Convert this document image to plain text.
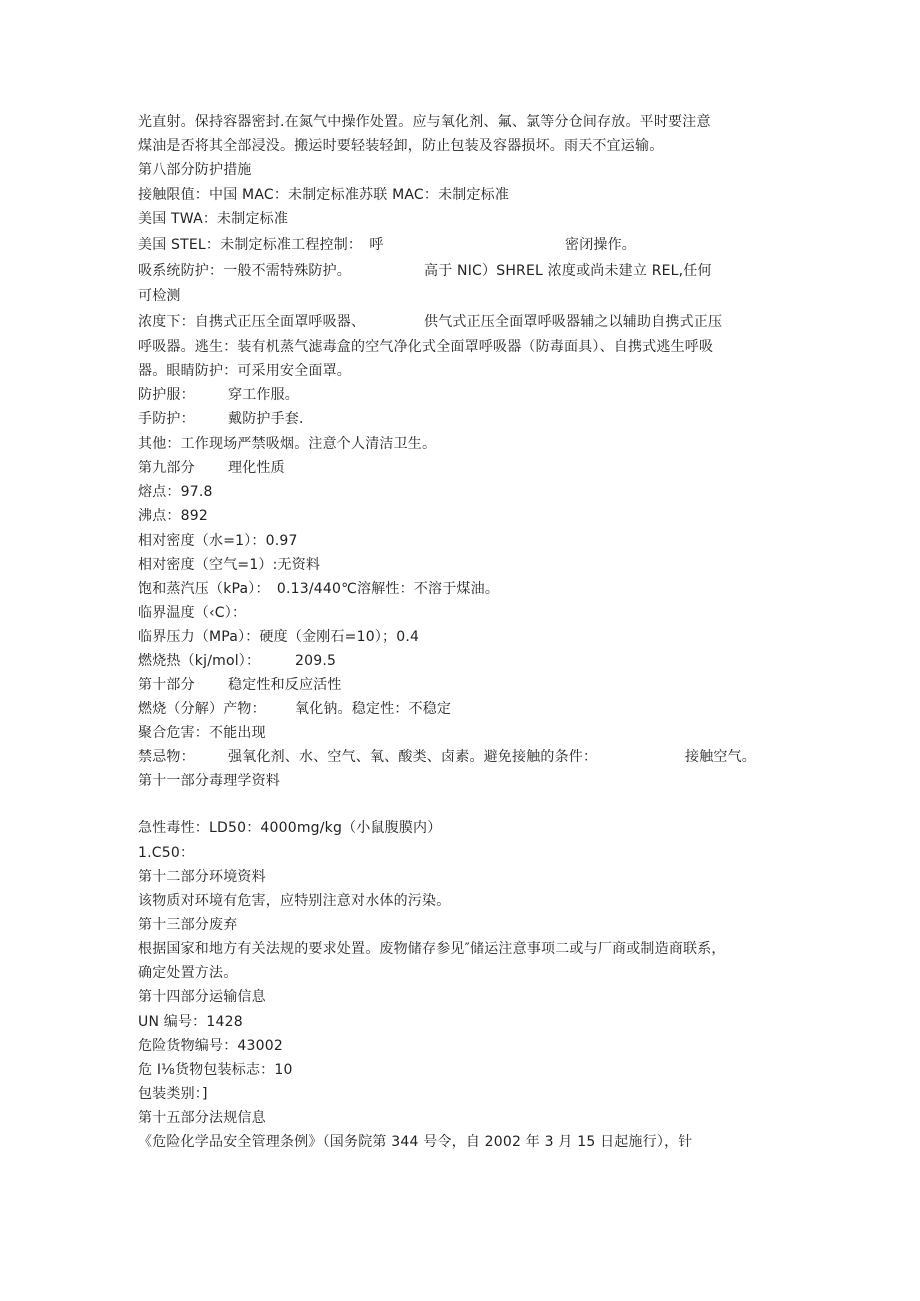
光直射。保持容器密封.在氮气中操作处置。应与氧化剂、氟、氯等分仓间存放。平时要注意
煤油是否将其全部浸没。搬运时要轻装轻卸，防止包装及容器损坏。雨天不宜运输。
第八部分防护措施
接触限值：中国 MAC：未制定标准苏联 MAC：未制定标准
美国 TWA：未制定标准
美国 STEL：未制定标准工程控制：　呼	密闭操作。
吸系统防护：一般不需特殊防护。	高于 NIC）SHREL 浓度或尚未建立 REL,任何
可检测
浓度下：自携式正压全面罩呼吸器、	供气式正压全面罩呼吸器辅之以辅助自携式正压
呼吸器。逃生：装有机蒸气滤毒盒的空气净化式全面罩呼吸器（防毒面具）、自携式逃生呼吸
器。眼睛防护：可采用安全面罩。
防护服： 穿工作服。
手防护： 戴防护手套.
其他：工作现场严禁吸烟。注意个人清洁卫生。
第九部分 理化性质
熔点：97.8
沸点：892
相对密度（水=1）：0.97
相对密度（空气=1）:无资料
饱和蒸汽压（kPa）：　0.13/440℃溶解性：不溶于煤油。
临界温度（‹C）：
临界压力（MPa）：硬度（金刚石=10）；0.4
燃烧热（kj∕mol）： 209.5
第十部分 稳定性和反应活性
燃烧（分解）产物： 氧化钠。稳定性：不稳定
聚合危害：不能出现
禁忌物： 强氧化剂、水、空气、氧、酸类、卤素。避免接触的条件：	接触空气。
第十一部分毒理学资料
急性毒性：LD50：4000mg∕kg（小鼠腹膜内）
1.C50：
第十二部分环境资料
该物质对环境有危害，应特别注意对水体的污染。
第十三部分废弃
根据国家和地方有关法规的要求处置。废物储存参见″储运注意事项二或与厂商或制造商联系，
确定处置方法。
第十四部分运输信息
UN 编号：1428
危险货物编号：43002
危 I⅛货物包装标志：10
包装类别：]
第十五部分法规信息
《危险化学品安全管理条例》（国务院第 344 号令，自 2002 年 3 月 15 日起施行），针
